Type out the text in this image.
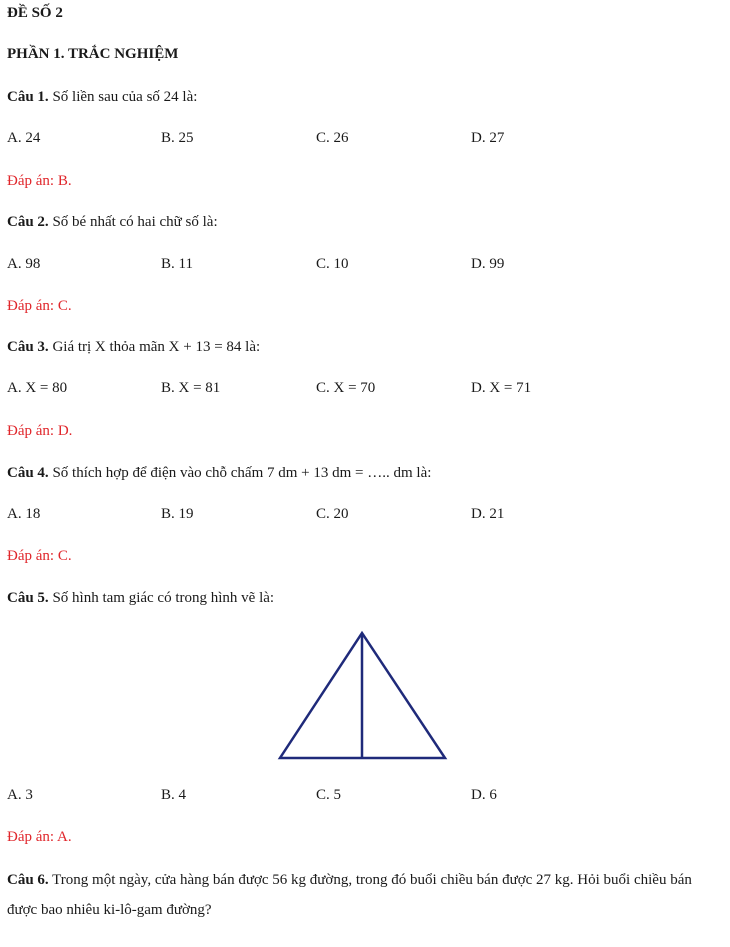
ĐỀ SỐ 2
PHẦN 1. TRẮC NGHIỆM
Câu 1. Số liền sau của số 24 là:
A. 24	B. 25	C. 26	D. 27
Đáp án: B.
Câu 2. Số bé nhất có hai chữ số là:
A. 98	B. 11	C. 10	D. 99
Đáp án: C.
Câu 3. Giá trị X thỏa mãn X + 13 = 84 là:
A. X = 80	B. X = 81	C. X = 70	D. X = 71
Đáp án: D.
Câu 4. Số thích hợp để điện vào chỗ chấm 7 dm + 13 dm = ….. dm là:
A. 18	B. 19	C. 20	D. 21
Đáp án: C.
Câu 5. Số hình tam giác có trong hình vẽ là:
A. 3	B. 4	C. 5	D. 6
Đáp án: A.
Câu 6. Trong một ngày, cửa hàng bán được 56 kg đường, trong đó buổi chiều bán được 27 kg. Hỏi buổi chiều bán được bao nhiêu ki-lô-gam đường?
